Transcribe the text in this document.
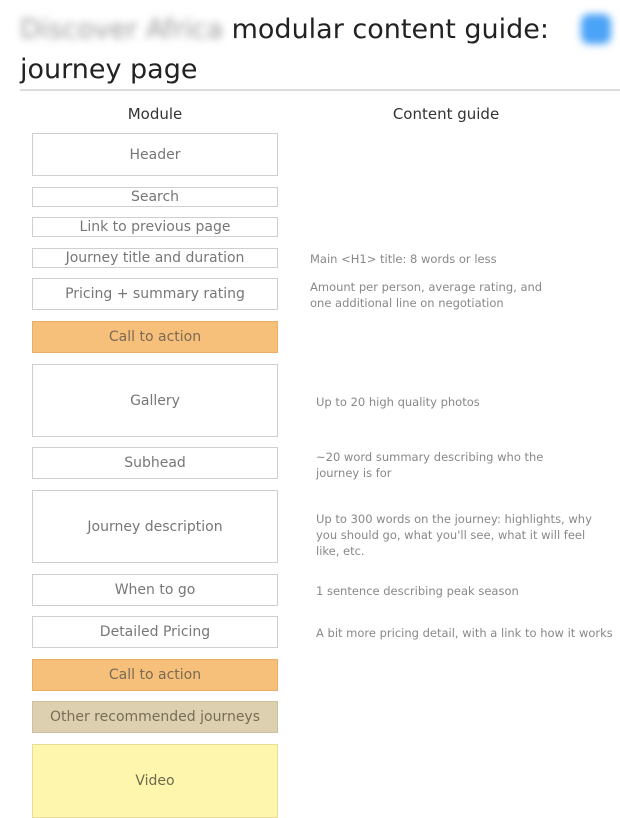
Discover Africa modular content guide:
journey page
Module	Content guide
Header
Search
Link to previous page
Journey title and duration
Pricing + summary rating
Call to action
Gallery
Subhead
Journey description
When to go
Detailed Pricing
Call to action
Other recommended journeys
Video
Main <H1> title: 8 words or less
Amount per person, average rating, and one additional line on negotiation
Up to 20 high quality photos
~20 word summary describing who the journey is for
Up to 300 words on the journey: highlights, why you should go, what you'll see, what it will feel like, etc.
1 sentence describing peak season
A bit more pricing detail, with a link to how it works
